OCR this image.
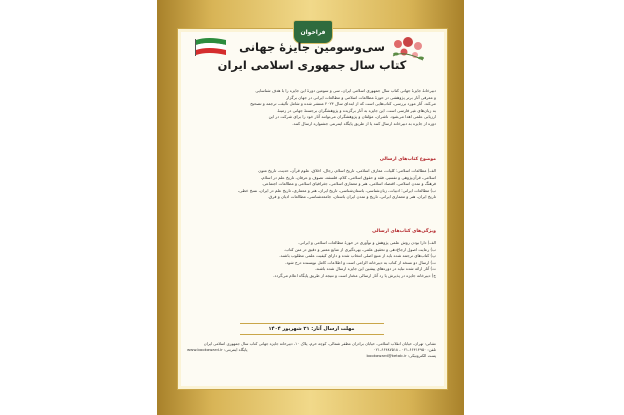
فراخوان
سی‌وسومین جایزهٔ جهانی
کتاب سال جمهوری اسلامی ایران
دبیرخانهٔ جایزهٔ جهانی کتاب سال جمهوری اسلامی ایران، سی و سومین دورهٔ این جایزه را با هدف شناسایی
و معرفی آثار برتر پژوهشی در حوزهٔ مطالعات اسلامی و مطالعات ایرانی در جهان برگزار
می‌کند. آثار مورد بررسی، کتاب‌هایی است که از ابتدای سال ۲۰۲۴ منتشر شده و شامل تألیف، ترجمه و تصحیح
به زبان‌های غیر فارسی است. این جایزه به آثار برگزیده و پژوهشگران برجستهٔ جهانی در زمینهٔ
ارزیابی علمی اهدا می‌شود. ناشران، مؤلفان و پژوهشگران می‌توانند آثار خود را برای شرکت در این
دوره از جایزه به دبیرخانه ارسال کنند یا از طریق پایگاه اینترنتی جشنواره ارسال کنند.
موضوع کتاب‌های ارسالی
الف) مطالعات اسلامی: کلیات، معارف اسلامی، تاریخ اسلام، رجال، اخلاق، علوم قرآن، حدیث، تاریخ متون
اسلامی، قرآن‌پژوهی و تفسیر، فقه و حقوق اسلامی، کلام، فلسفه، تصوف و عرفان، تاریخ علم در اسلام،
فرهنگ و تمدن اسلامی، اقتصاد اسلامی، هنر و معماری اسلامی، جغرافیای اسلامی و مطالعات اجتماعی.
ب) مطالعات ایرانی: ادبیات، زبان‌شناسی، باستان‌شناسی، تاریخ ایران، هنر و معماری، تاریخ علم در ایران، نسخ خطی،
تاریخ ایران، هنر و معماری ایرانی، تاریخ و تمدن ایران باستان، جامعه‌شناسی، مطالعات ادیان و فرق.
ویژگی‌های کتاب‌های ارسالی
الف) دارا بودن روش علمی پژوهش و نوآوری در حوزهٔ مطالعات اسلامی و ایرانی.
ب) رعایت اصول ارجاع‌دهی و تحقیق علمی، بهره‌گیری از منابع معتبر و دقیق در متن کتاب.
پ) کتاب‌های ترجمه شده باید از منبع اصلی انتخاب شده و دارای کیفیت علمی مطلوب باشند.
ت) ارسال دو نسخه از کتاب به دبیرخانه الزامی است و اطلاعات کامل نویسنده درج شود.
ث) آثار ارائه شده نباید در دوره‌های پیشین این جایزه ارسال شده باشند.
ج) دبیرخانه جایزه در پذیرش یا رد آثار ارسالی مختار است و نتیجه از طریق پایگاه اعلام می‌گردد.
مهلت ارسال آثار: ۳۱ شهریور ۱۴۰۴
نشانی: تهران، خیابان انقلاب اسلامی، خیابان برادران مظفر شمالی، کوچه خرم، پلاک ۱۰، دبیرخانه جایزه جهانی کتاب سال جمهوری اسلامی ایران
تلفن: ۶۶۴۱۴۹۵۰-۰۲۱ ، ۶۶۴۸۷۵۱۸-۰۲۱
پایگاه اینترنتی: www.bookaward.ir
پست الکترونیکی: bookaward@ketab.ir
